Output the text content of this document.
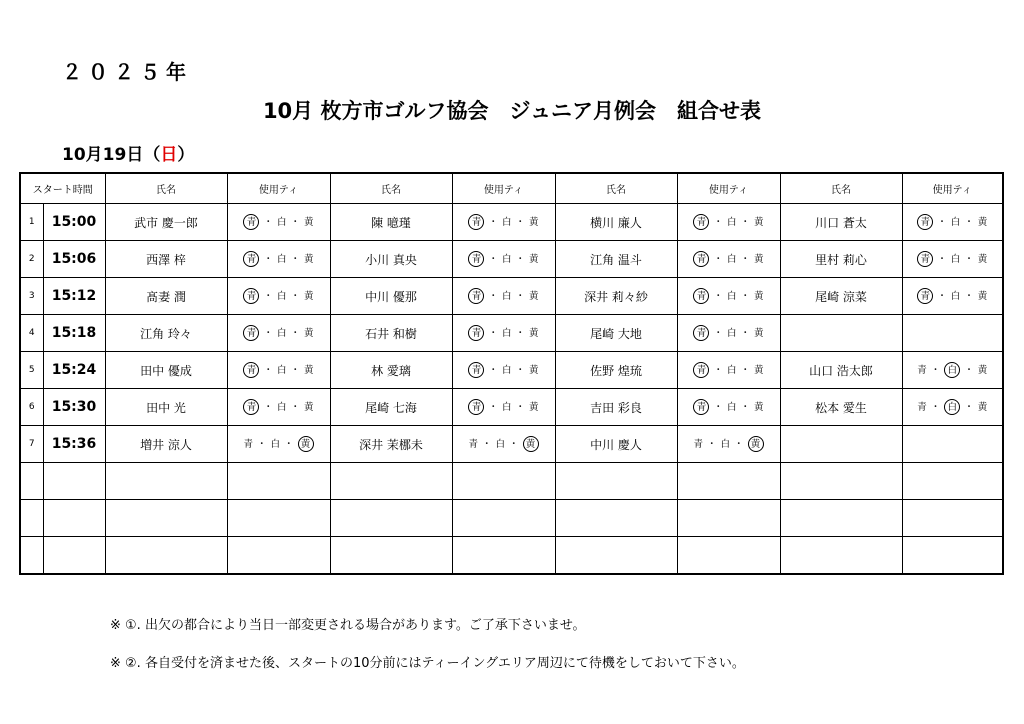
２０２５年
10月 枚方市ゴルフ協会　ジュニア月例会　組合せ表
10月19日（日）
スタート時間		氏名	使用ティ	氏名	使用ティ	氏名	使用ティ	氏名	使用ティ
1	15:00	武市 慶一郎	青 ・ 白 ・ 黄	陳 噫瑾	青 ・ 白 ・ 黄	横川 廉人	青 ・ 白 ・ 黄	川口 蒼太	青 ・ 白 ・ 黄
2	15:06	西澤 梓	青 ・ 白 ・ 黄	小川 真央	青 ・ 白 ・ 黄	江角 温斗	青 ・ 白 ・ 黄	里村 莉心	青 ・ 白 ・ 黄
3	15:12	髙妻 潤	青 ・ 白 ・ 黄	中川 優那	青 ・ 白 ・ 黄	深井 莉々紗	青 ・ 白 ・ 黄	尾崎 涼菜	青 ・ 白 ・ 黄
4	15:18	江角 玲々	青 ・ 白 ・ 黄	石井 和樹	青 ・ 白 ・ 黄	尾崎 大地	青 ・ 白 ・ 黄		
5	15:24	田中 優成	青 ・ 白 ・ 黄	林 愛璃	青 ・ 白 ・ 黄	佐野 煌琉	青 ・ 白 ・ 黄	山口 浩太郎	青 ・ 白 ・ 黄
6	15:30	田中 光	青 ・ 白 ・ 黄	尾崎 七海	青 ・ 白 ・ 黄	吉田 彩良	青 ・ 白 ・ 黄	松本 愛生	青 ・ 白 ・ 黄
7	15:36	増井 涼人	青 ・ 白 ・ 黄	深井 茉梛未	青 ・ 白 ・ 黄	中川 慶人	青 ・ 白 ・ 黄		

※ ①. 出欠の都合により当日一部変更される場合があります。ご了承下さいませ。
※ ②. 各自受付を済ませた後、スタートの10分前にはティーイングエリア周辺にて待機をしておいて下さい。
